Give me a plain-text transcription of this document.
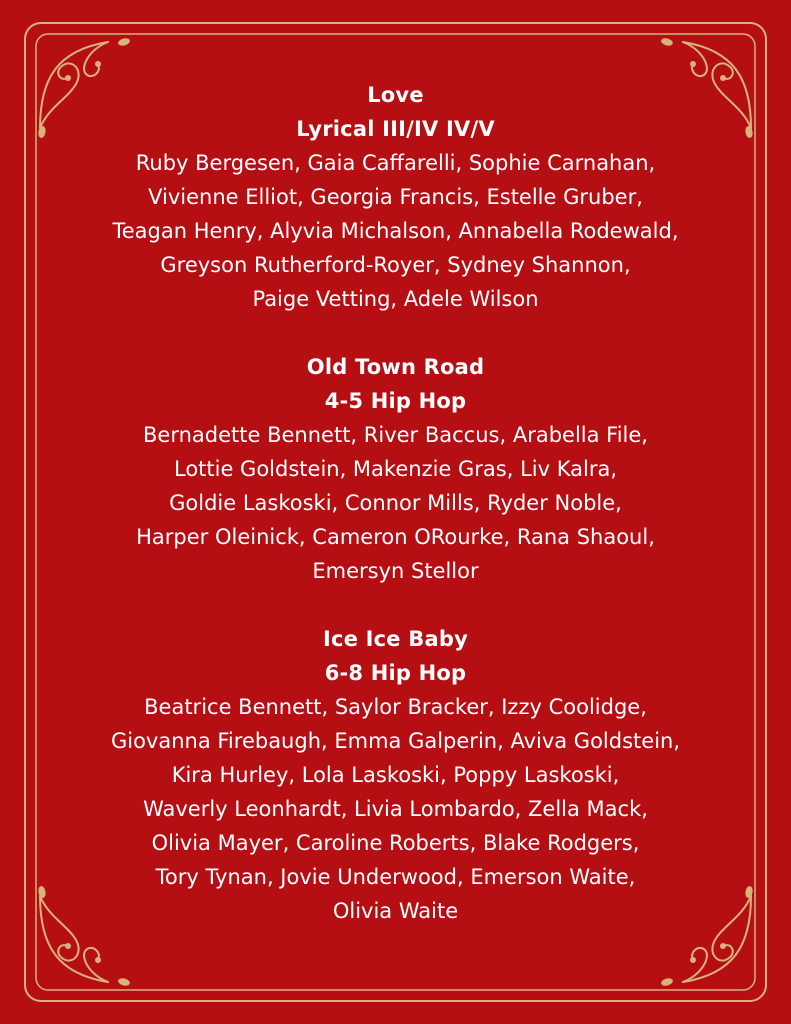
Love
Lyrical III/IV IV/V
Ruby Bergesen, Gaia Caffarelli, Sophie Carnahan,
Vivienne Elliot, Georgia Francis, Estelle Gruber,
Teagan Henry, Alyvia Michalson, Annabella Rodewald,
Greyson Rutherford-Royer, Sydney Shannon,
Paige Vetting, Adele Wilson
Old Town Road
4-5 Hip Hop
Bernadette Bennett, River Baccus, Arabella File,
Lottie Goldstein, Makenzie Gras, Liv Kalra,
Goldie Laskoski, Connor Mills, Ryder Noble,
Harper Oleinick, Cameron ORourke, Rana Shaoul,
Emersyn Stellor
Ice Ice Baby
6-8 Hip Hop
Beatrice Bennett, Saylor Bracker, Izzy Coolidge,
Giovanna Firebaugh, Emma Galperin, Aviva Goldstein,
Kira Hurley, Lola Laskoski, Poppy Laskoski,
Waverly Leonhardt, Livia Lombardo, Zella Mack,
Olivia Mayer, Caroline Roberts, Blake Rodgers,
Tory Tynan, Jovie Underwood, Emerson Waite,
Olivia Waite
